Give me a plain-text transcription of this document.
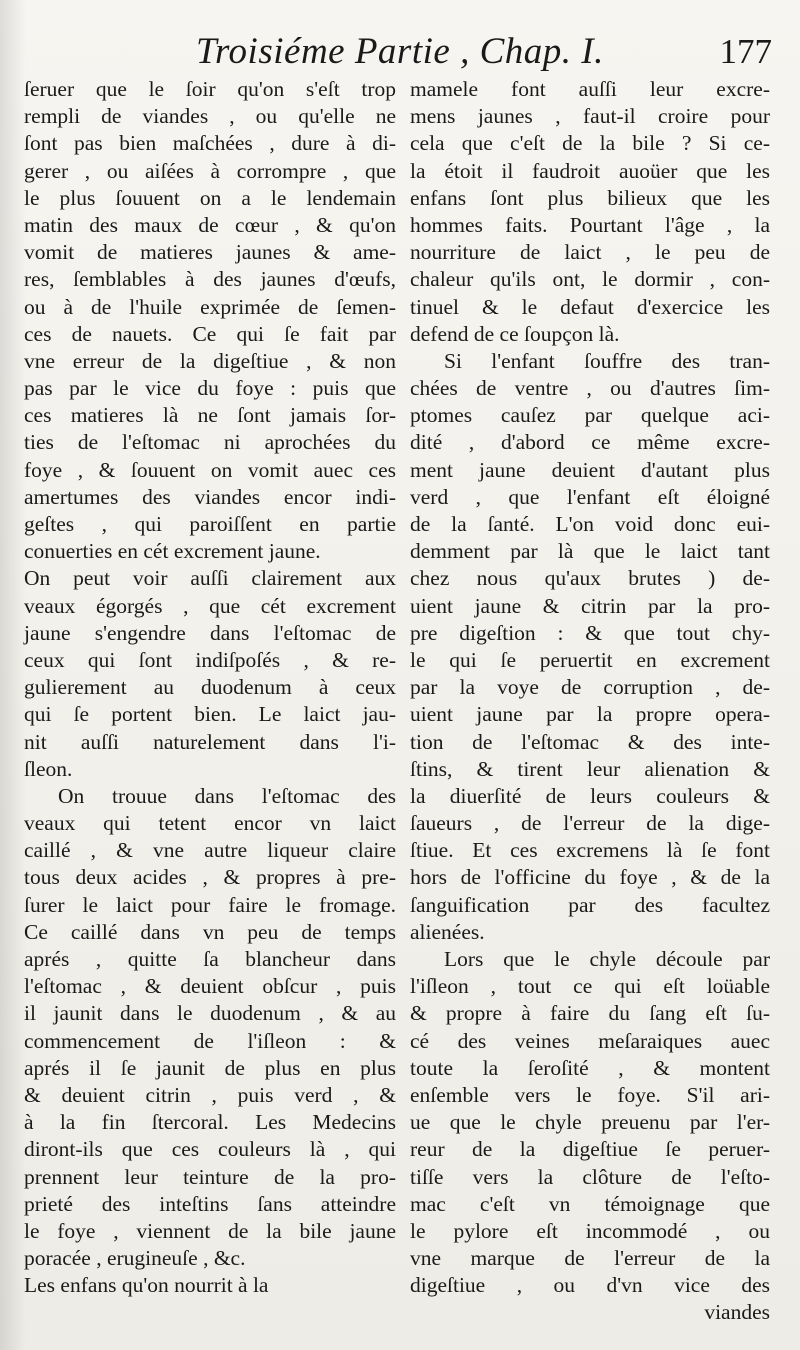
Troisiéme Partie , Chap. I.	177
ſeruer que le ſoir qu'on s'eſt trop
rempli de viandes , ou qu'elle ne
ſont pas bien maſchées , dure à di-
gerer , ou aiſées à corrompre , que
le plus ſouuent on a le lendemain
matin des maux de cœur , & qu'on
vomit de matieres jaunes & ame-
res, ſemblables à des jaunes d'œufs,
ou à de l'huile exprimée de ſemen-
ces de nauets. Ce qui ſe fait par
vne erreur de la digeſtiue , & non
pas par le vice du foye : puis que
ces matieres là ne ſont jamais ſor-
ties de l'eſtomac ni aprochées du
foye , & ſouuent on vomit auec ces
amertumes des viandes encor indi-
geſtes , qui paroiſſent en partie
conuerties en cét excrement jaune.
On peut voir auſſi clairement aux
veaux égorgés , que cét excrement
jaune s'engendre dans l'eſtomac de
ceux qui ſont indiſpoſés , & re-
gulierement au duodenum à ceux
qui ſe portent bien. Le laict jau-
nit auſſi naturelement dans l'i-
ſleon.
On trouue dans l'eſtomac des
veaux qui tetent encor vn laict
caillé , & vne autre liqueur claire
tous deux acides , & propres à pre-
ſurer le laict pour faire le fromage.
Ce caillé dans vn peu de temps
aprés , quitte ſa blancheur dans
l'eſtomac , & deuient obſcur , puis
il jaunit dans le duodenum , & au
commencement de l'iſleon : &
aprés il ſe jaunit de plus en plus
& deuient citrin , puis verd , &
à la fin ſtercoral. Les Medecins
diront-ils que ces couleurs là , qui
prennent leur teinture de la pro-
prieté des inteſtins ſans atteindre
le foye , viennent de la bile jaune
poracée , erugineuſe , &c.
Les enfans qu'on nourrit à la
mamele font auſſi leur excre-
mens jaunes , faut-il croire pour
cela que c'eſt de la bile ? Si ce-
la étoit il faudroit auoüer que les
enfans ſont plus bilieux que les
hommes faits. Pourtant l'âge , la
nourriture de laict , le peu de
chaleur qu'ils ont, le dormir , con-
tinuel & le defaut d'exercice les
defend de ce ſoupçon là.
Si l'enfant ſouffre des tran-
chées de ventre , ou d'autres ſim-
ptomes cauſez par quelque aci-
dité , d'abord ce même excre-
ment jaune deuient d'autant plus
verd , que l'enfant eſt éloigné
de la ſanté. L'on void donc eui-
demment par là que le laict tant
chez nous qu'aux brutes ) de-
uient jaune & citrin par la pro-
pre digeſtion : & que tout chy-
le qui ſe peruertit en excrement
par la voye de corruption , de-
uient jaune par la propre opera-
tion de l'eſtomac & des inte-
ſtins, & tirent leur alienation &
la diuerſité de leurs couleurs &
ſaueurs , de l'erreur de la dige-
ſtiue. Et ces excremens là ſe font
hors de l'officine du foye , & de la
ſanguification par des facultez
alienées.
Lors que le chyle découle par
l'iſleon , tout ce qui eſt loüable
& propre à faire du ſang eſt ſu-
cé des veines meſaraiques auec
toute la ſeroſité , & montent
enſemble vers le foye. S'il ari-
ue que le chyle preuenu par l'er-
reur de la digeſtiue ſe peruer-
tiſſe vers la clôture de l'eſto-
mac c'eſt vn témoignage que
le pylore eſt incommodé , ou
vne marque de l'erreur de la
digeſtiue , ou d'vn vice des
viandes
